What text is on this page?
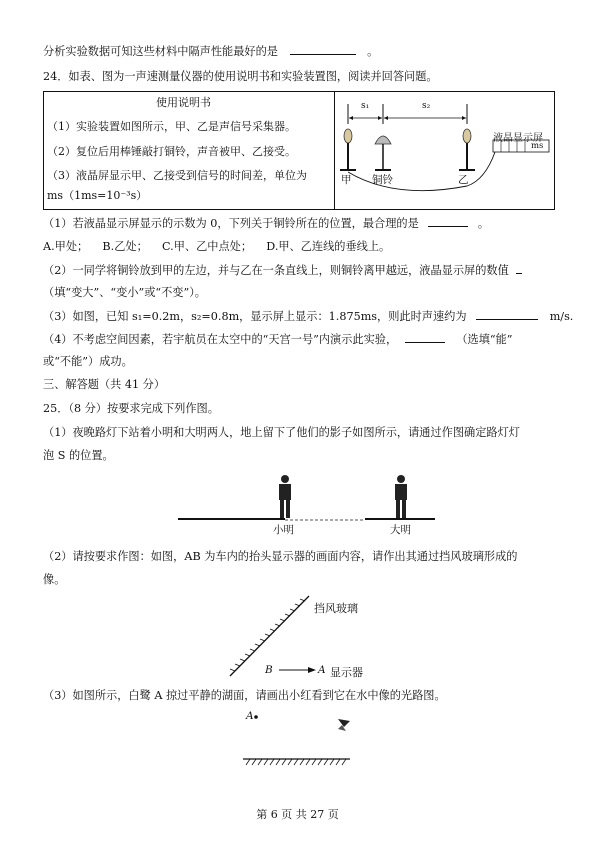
分析实验数据可知这些材料中隔声性能最好的是	。
24．如表、图为一声速测量仪器的使用说明书和实验装置图，阅读并回答问题。
使用说明书
（1）实验装置如图所示，甲、乙是声信号采集器。
（2）复位后用棒锤敲打铜铃，声音被甲、乙接受。
（3）液晶屏显示甲、乙接受到信号的时间差，单位为
ms（1ms=10⁻³s）
s₁	s₂
液晶显示屏
ms
甲 铜铃	乙
（1）若液晶显示屏显示的示数为 0，下列关于铜铃所在的位置，最合理的是	。
A.甲处；    B.乙处；    C.甲、乙中点处；    D.甲、乙连线的垂线上。
（2）一同学将铜铃放到甲的左边，并与乙在一条直线上，则铜铃离甲越远，液晶显示屏的数值
（填“变大”、“变小”或“不变”）。
（3）如图，已知 s₁=0.2m，s₂=0.8m，显示屏上显示：1.875ms，则此时声速约为	m/s.
（4）不考虑空间因素，若宇航员在太空中的“天宫一号”内演示此实验，	（选填“能”
或“不能”）成功。
三、解答题（共 41 分）
25．（8 分）按要求完成下列作图。
（1）夜晚路灯下站着小明和大明两人，地上留下了他们的影子如图所示，请通过作图确定路灯灯
泡 S 的位置。
小明	大明
（2）请按要求作图：如图，AB 为车内的抬头显示器的画面内容，请作出其通过挡风玻璃形成的
像。
挡风玻璃
B	A 显示器
（3）如图所示，白鹭 A 掠过平静的湖面，请画出小红看到它在水中像的光路图。
A
第 6 页 共 27 页
